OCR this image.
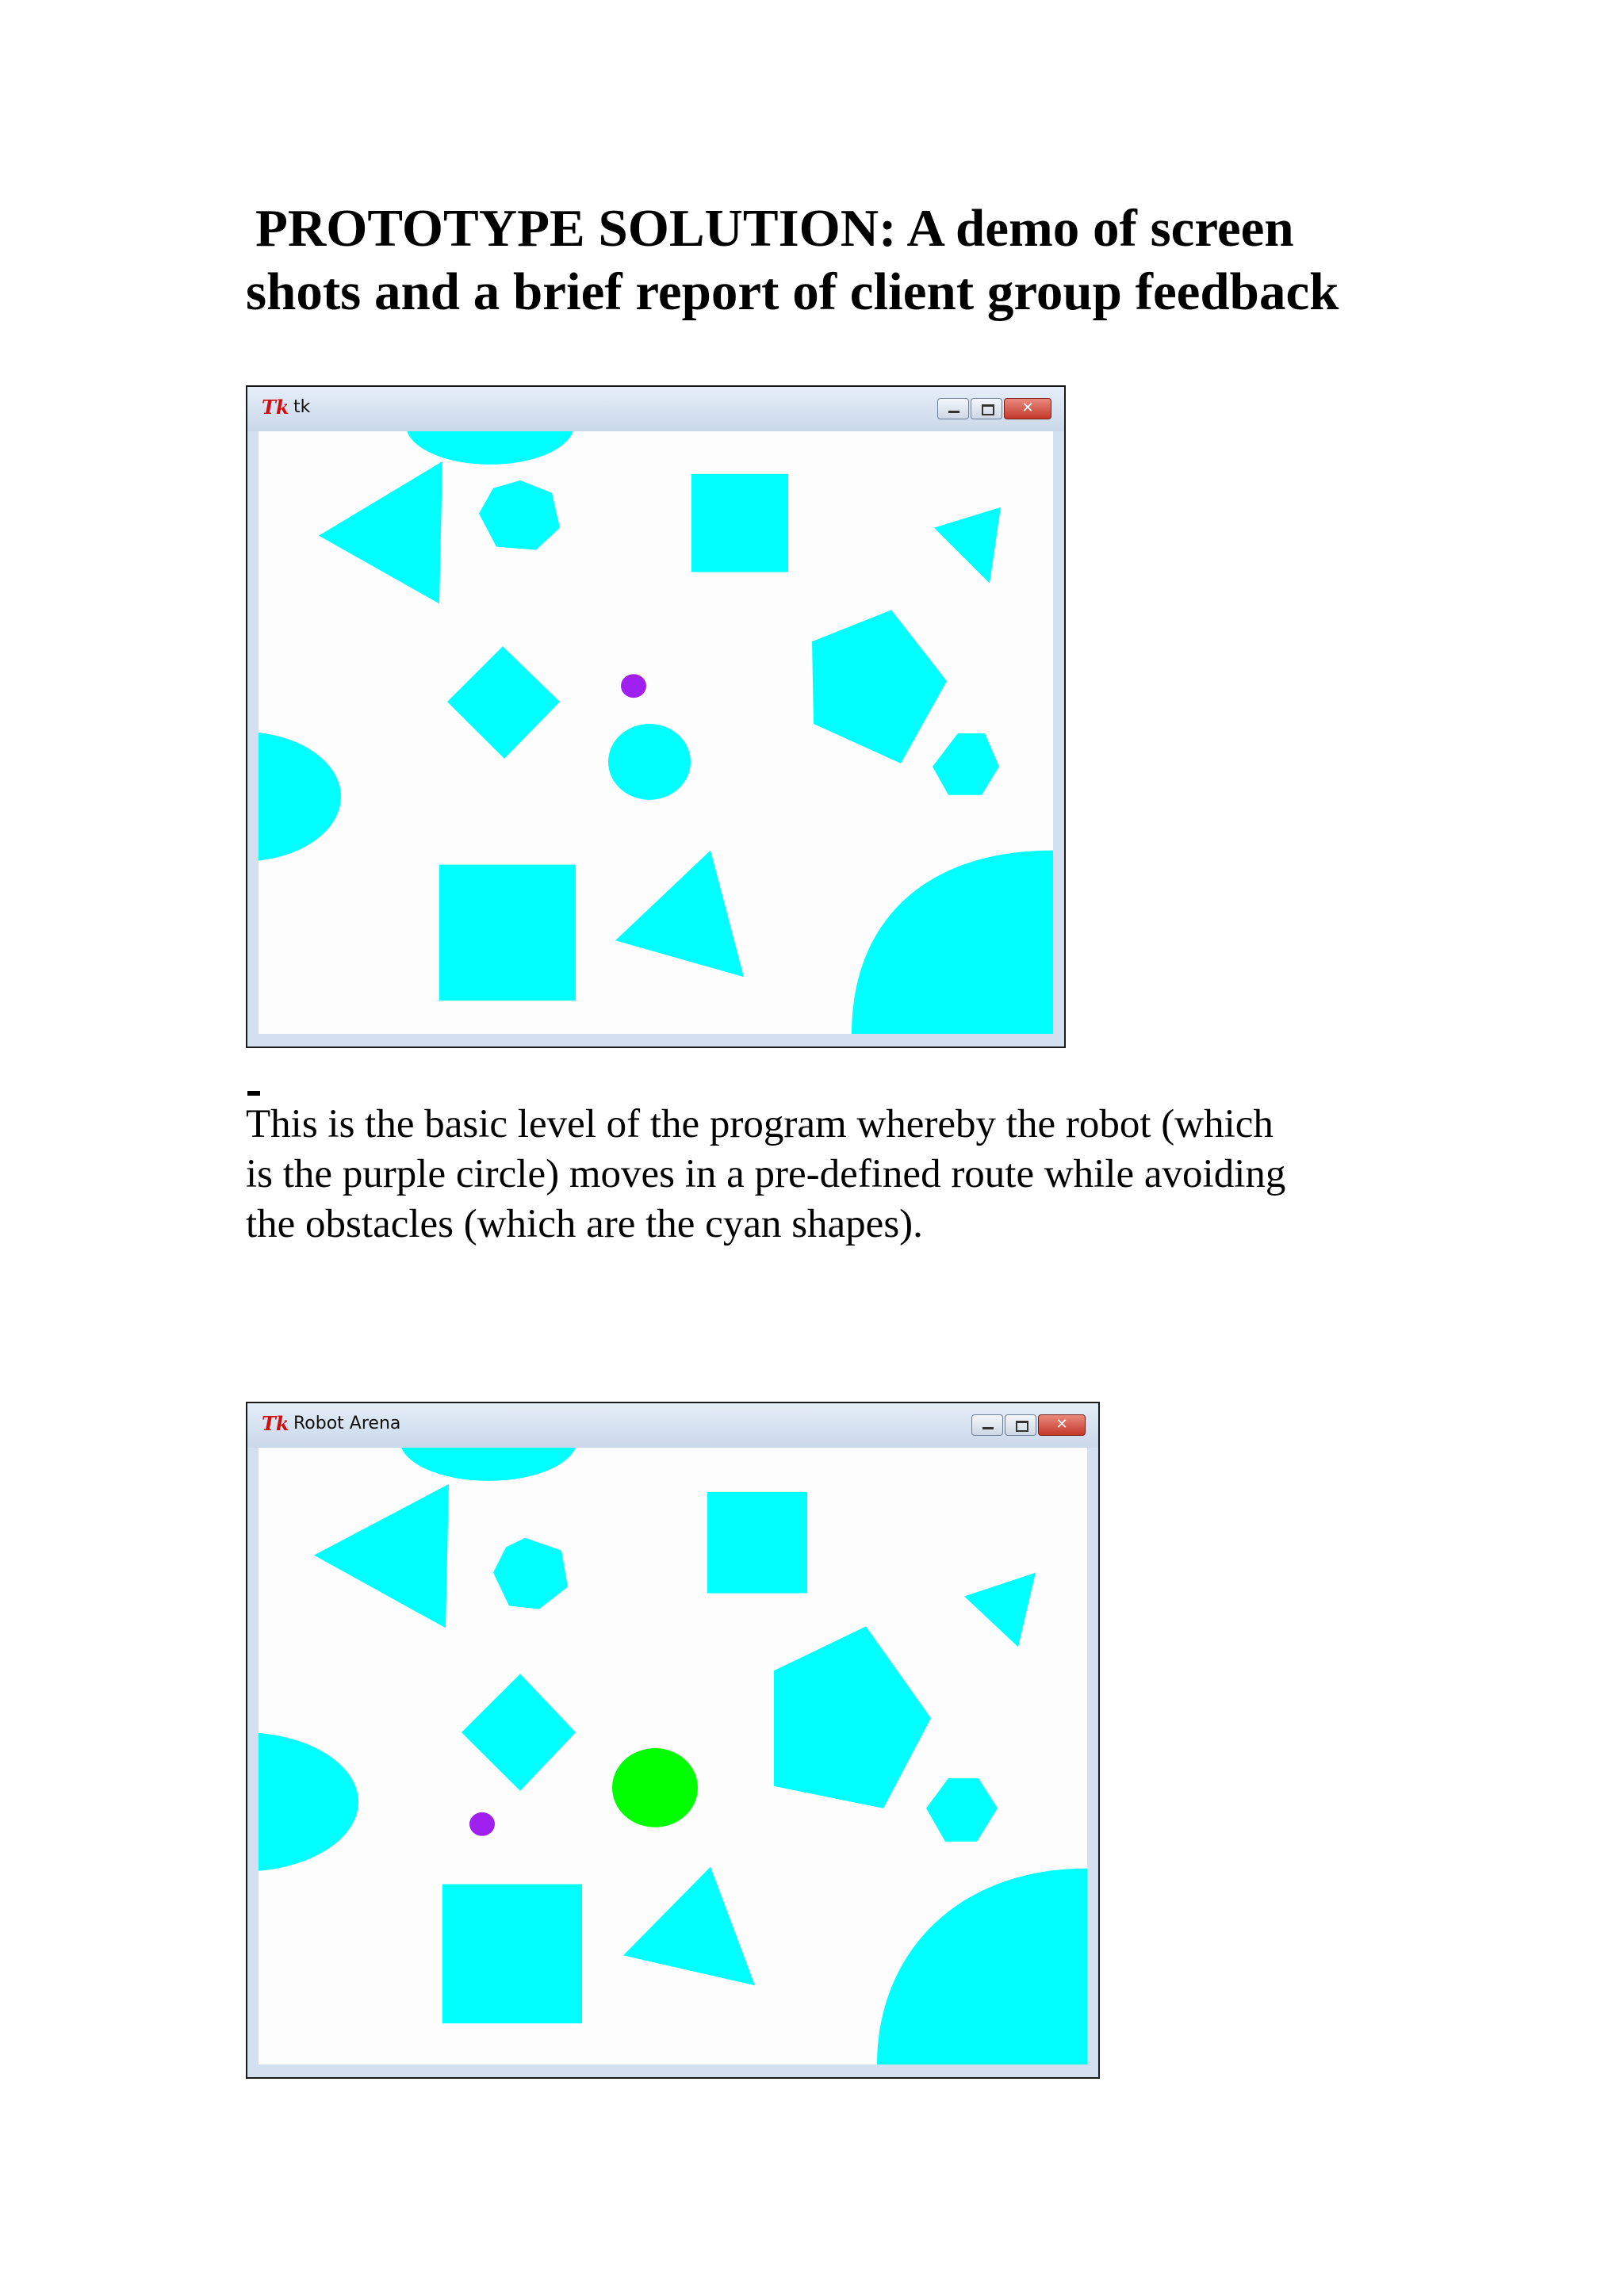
PROTOTYPE SOLUTION: A demo of screen
shots and a brief report of client group feedback
Tk tk	✕
This is the basic level of the program whereby the robot (which
is the purple circle) moves in a pre-defined route while avoiding
the obstacles (which are the cyan shapes).
Tk Robot Arena	✕
